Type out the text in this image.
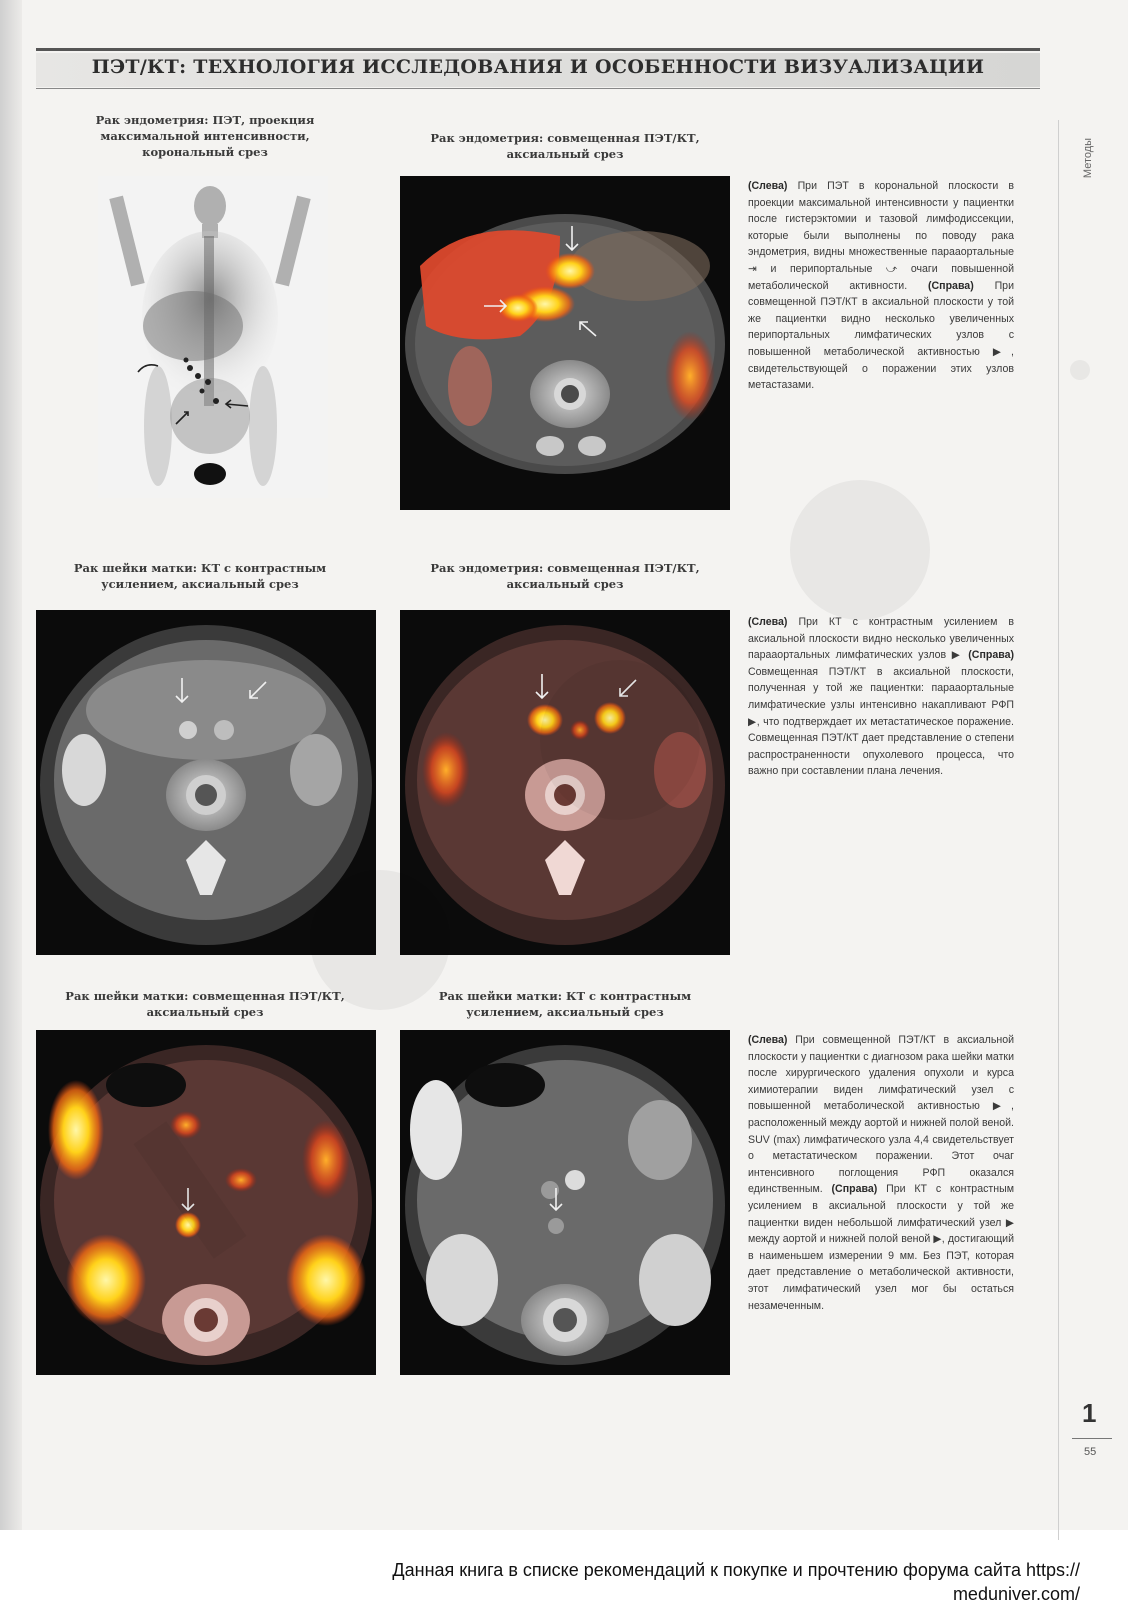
ПЭТ/КТ: ТЕХНОЛОГИЯ ИССЛЕДОВАНИЯ И ОСОБЕННОСТИ ВИЗУАЛИЗАЦИИ
Рак эндометрия: ПЭТ, проекция максимальной интенсивности, корональный срез
Рак эндометрия: совмещенная ПЭТ/КТ, аксиальный срез
(Слева) При ПЭТ в корональной плоскости в проекции максимальной интенсивности у пациентки после гистерэктомии и тазовой лимфодиссекции, которые были выполнены по поводу рака эндометрия, видны множественные парааортальные ⇥ и перипортальные ⤻ очаги повышенной метаболической активности. (Справа) При совмещенной ПЭТ/КТ в аксиальной плоскости у той же пациентки видно несколько увеличенных перипортальных лимфатических узлов с повышенной метаболической активностью ▶, свидетельствующей о поражении этих узлов метастазами.
Рак шейки матки: КТ с контрастным усилением, аксиальный срез
Рак эндометрия: совмещенная ПЭТ/КТ, аксиальный срез
(Слева) При КТ с контрастным усилением в аксиальной плоскости видно несколько увеличенных парааортальных лимфатических узлов ▶ (Справа) Совмещенная ПЭТ/КТ в аксиальной плоскости, полученная у той же пациентки: парааортальные лимфатические узлы интенсивно накапливают РФП ▶, что подтверждает их метастатическое поражение. Совмещенная ПЭТ/КТ дает представление о степени распространенности опухолевого процесса, что важно при составлении плана лечения.
Рак шейки матки: совмещенная ПЭТ/КТ, аксиальный срез
Рак шейки матки: КТ с контрастным усилением, аксиальный срез
(Слева) При совмещенной ПЭТ/КТ в аксиальной плоскости у пациентки с диагнозом рака шейки матки после хирургического удаления опухоли и курса химиотерапии виден лимфатический узел с повышенной метаболической активностью ▶, расположенный между аортой и нижней полой веной. SUV (max) лимфатического узла 4,4 свидетельствует о метастатическом поражении. Этот очаг интенсивного поглощения РФП оказался единственным. (Справа) При КТ с контрастным усилением в аксиальной плоскости у той же пациентки виден небольшой лимфатический узел ▶ между аортой и нижней полой веной ▶, достигающий в наименьшем измерении 9 мм. Без ПЭТ, которая дает представление о метаболической активности, этот лимфатический узел мог бы остаться незамеченным.
Методы
1
55
Данная книга в списке рекомендаций к покупке и прочтению форума сайта https://
meduniver.com/
